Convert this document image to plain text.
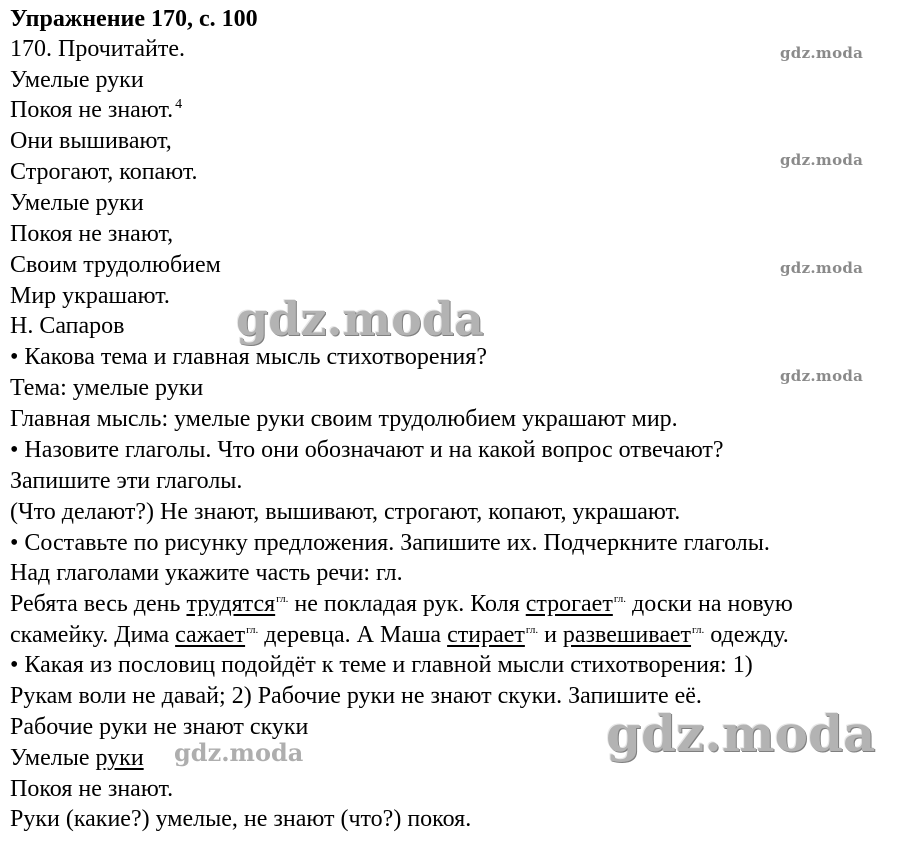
Упражнение 170, с. 100
170. Прочитайте.
Умелые руки
Покоя не знают. $^4$
Они вышивают,
Строгают, копают.
Умелые руки
Покоя не знают,
Своим трудолюбием
Мир украшают.
Н. Сапаров
• Какова тема и главная мысль стихотворения?
Тема: умелые руки
Главная мысль: умелые руки своим трудолюбием украшают мир.
• Назовите глаголы. Что они обозначают и на какой вопрос отвечают?
Запишите эти глаголы.
(Что делают?) Не знают, вышивают, строгают, копают, украшают.
• Составьте по рисунку предложения. Запишите их. Подчеркните глаголы.
Над глаголами укажите часть речи: гл.
Ребята весь день трудятся$^{гл.}$ не покладая рук. Коля строгает$^{гл.}$ доски на новую
скамейку. Дима сажает$^{гл.}$ деревца. А Маша стирает$^{гл.}$ и развешивает$^{гл.}$ одежду.
• Какая из пословиц подойдёт к теме и главной мысли стихотворения: 1)
Рукам воли не давай; 2) Рабочие руки не знают скуки. Запишите её.
Рабочие руки не знают скуки
Умелые руки
Покоя не знают.
Руки (какие?) умелые, не знают (что?) покоя.
gdz.moda
gdz.moda
gdz.moda
gdz.moda
gdz.moda
gdz.moda
gdz.moda
